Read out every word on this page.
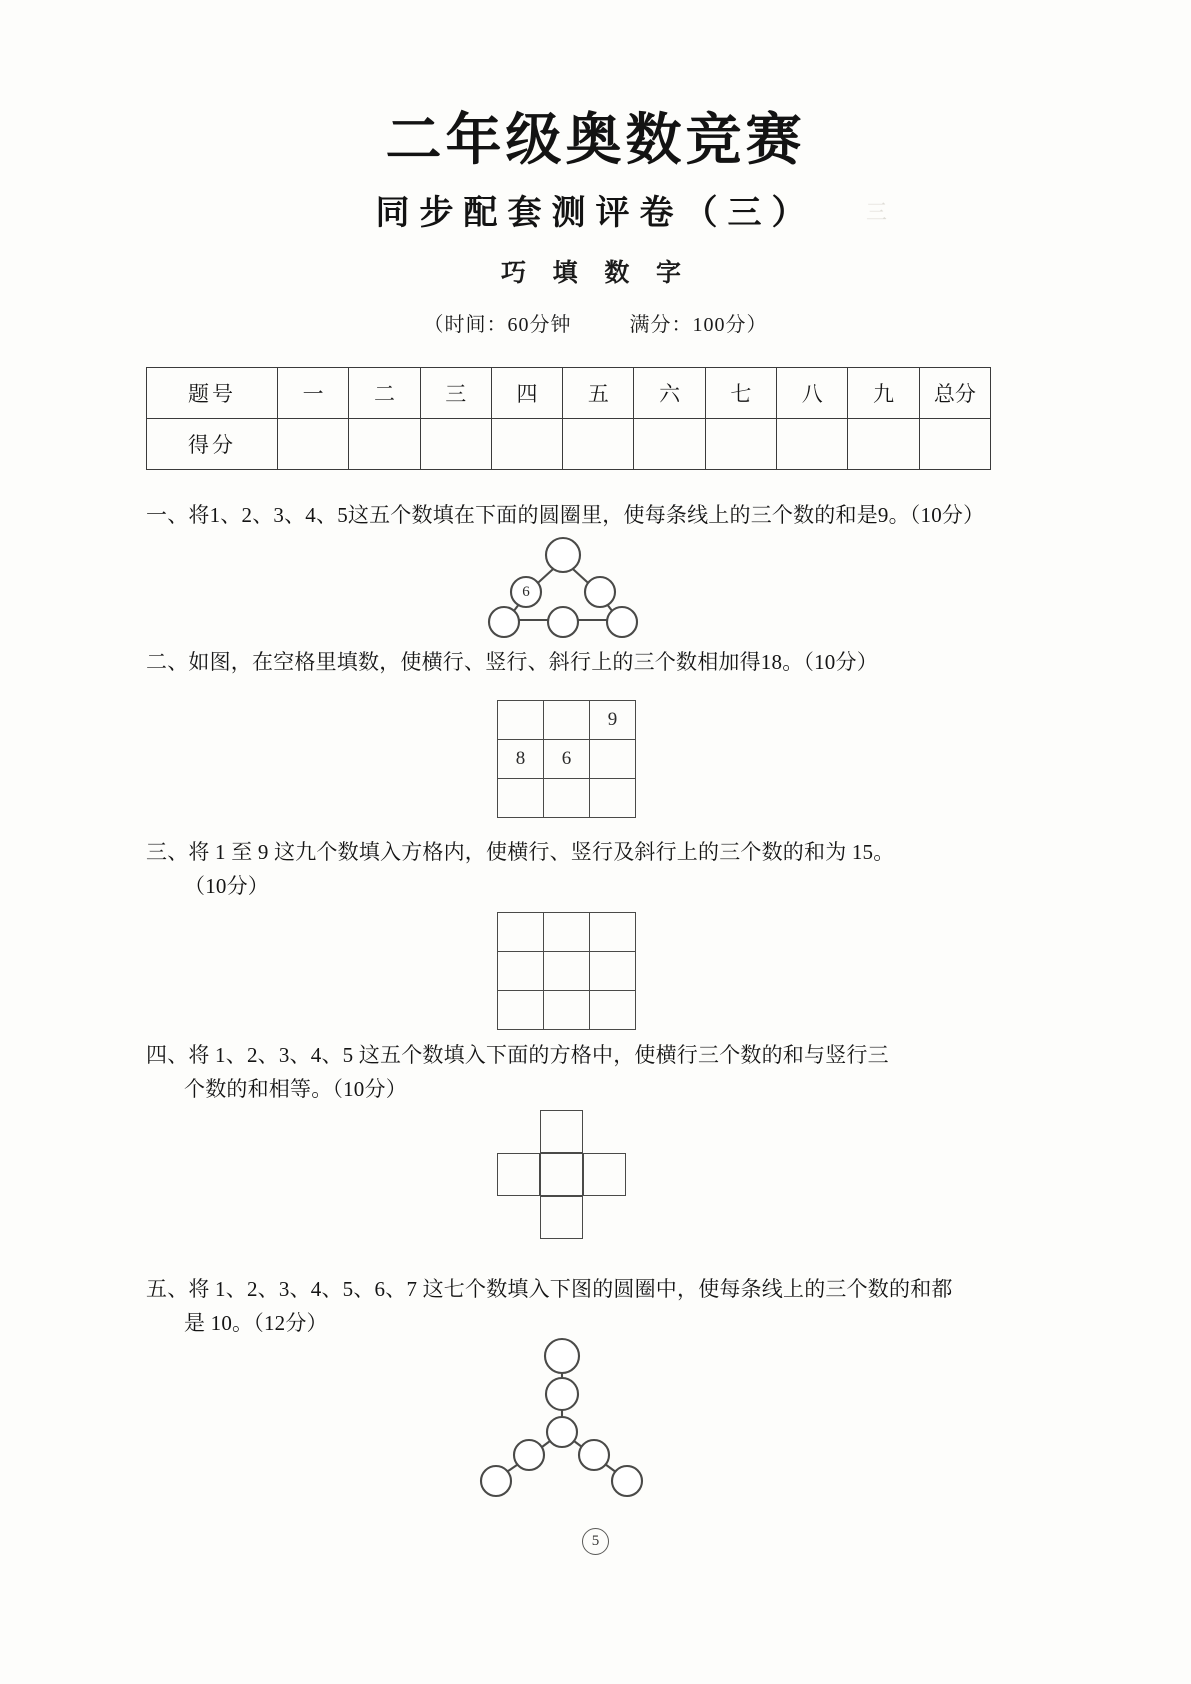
三

二年级奥数竞赛
同步配套测评卷（三）
巧 填 数 字
（时间：60分钟	满分：100分）
题号	一	二	三	四	五	六	七	八	九	总分
得分										
一、将1、2、3、4、5这五个数填在下面的圆圈里，使每条线上的三个数的和是9。（10分）
6
二、如图，在空格里填数，使横行、竖行、斜行上的三个数相加得18。（10分）
		9
8	6	

三、将 1 至 9 这九个数填入方格内，使横行、竖行及斜行上的三个数的和为 15。
（10分）

四、将 1、2、3、4、5 这五个数填入下面的方格中，使横行三个数的和与竖行三
个数的和相等。（10分）
五、将 1、2、3、4、5、6、7 这七个数填入下图的圆圈中，使每条线上的三个数的和都
是 10。（12分）
5
